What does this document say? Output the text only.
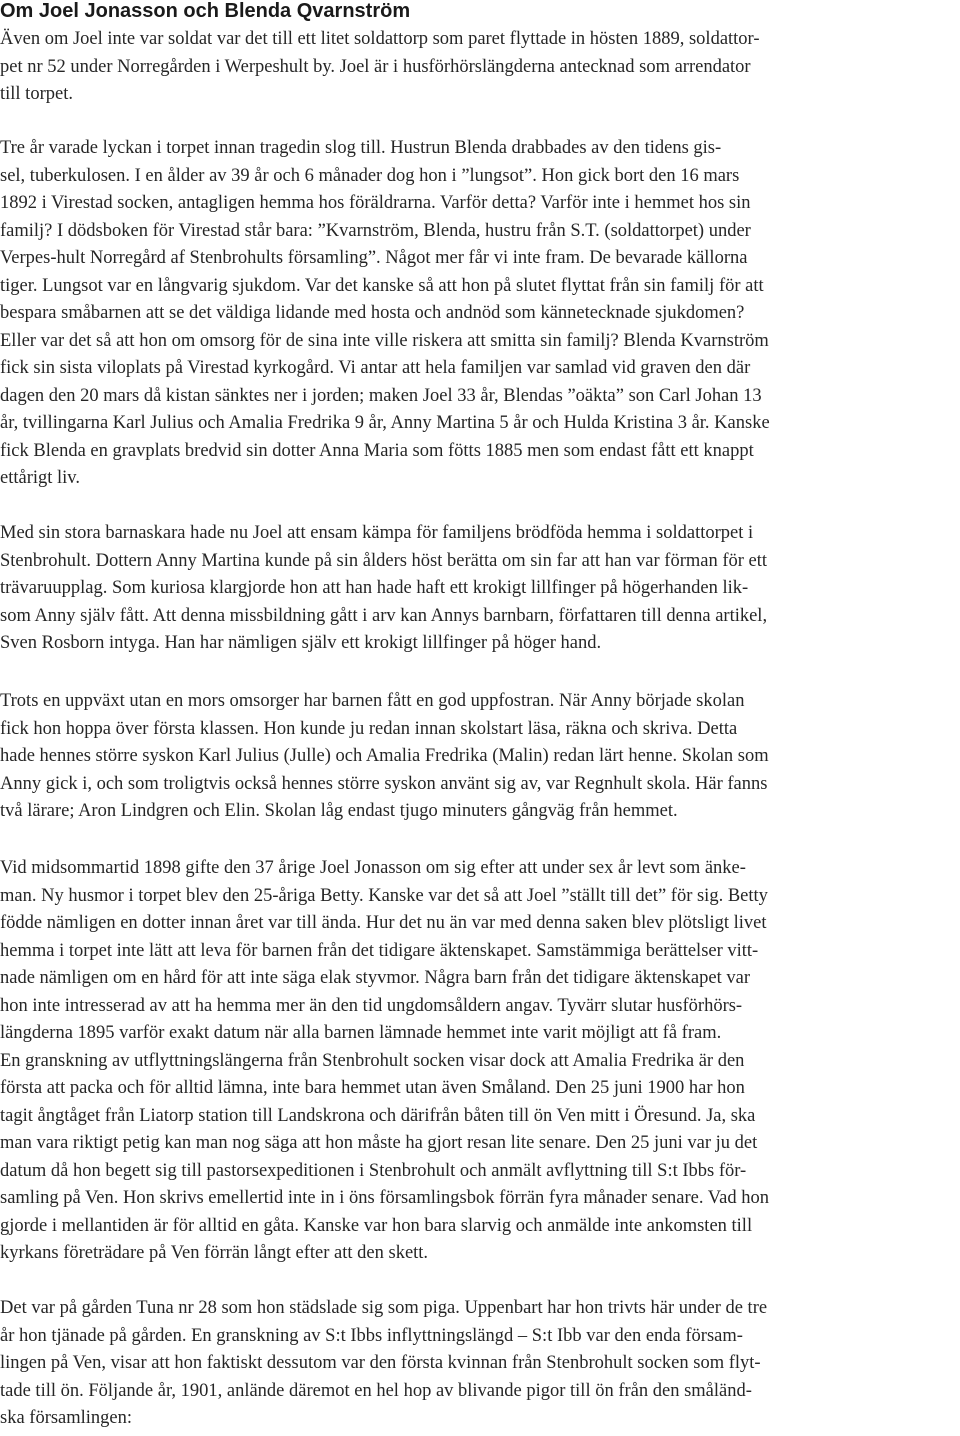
Om Joel Jonasson och Blenda Qvarnström
Även om Joel inte var soldat var det till ett litet soldattorp som paret flyttade in hösten 1889, soldattor-
pet nr 52 under Norregården i Werpeshult by. Joel är i husförhörslängderna antecknad som arrendator
till torpet.
Tre år varade lyckan i torpet innan tragedin slog till. Hustrun Blenda drabbades av den tidens gis-
sel, tuberkulosen. I en ålder av 39 år och 6 månader dog hon i ”lungsot”. Hon gick bort den 16 mars
1892 i Virestad socken, antagligen hemma hos föräldrarna. Varför detta? Varför inte i hemmet hos sin
familj? I dödsboken för Virestad står bara: ”Kvarnström, Blenda, hustru från S.T. (soldattorpet) under
Verpes-hult Norregård af Stenbrohults församling”. Något mer får vi inte fram. De bevarade källorna
tiger. Lungsot var en långvarig sjukdom. Var det kanske så att hon på slutet flyttat från sin familj för att
bespara småbarnen att se det väldiga lidande med hosta och andnöd som kännetecknade sjukdomen?
Eller var det så att hon om omsorg för de sina inte ville riskera att smitta sin familj? Blenda Kvarnström
fick sin sista viloplats på Virestad kyrkogård. Vi antar att hela familjen var samlad vid graven den där
dagen den 20 mars då kistan sänktes ner i jorden; maken Joel 33 år, Blendas ”oäkta” son Carl Johan 13
år, tvillingarna Karl Julius och Amalia Fredrika 9 år, Anny Martina 5 år och Hulda Kristina 3 år. Kanske
fick Blenda en gravplats bredvid sin dotter Anna Maria som fötts 1885 men som endast fått ett knappt
ettårigt liv.
Med sin stora barnaskara hade nu Joel att ensam kämpa för familjens brödföda hemma i soldattorpet i
Stenbrohult. Dottern Anny Martina kunde på sin ålders höst berätta om sin far att han var förman för ett
trävaruupplag. Som kuriosa klargjorde hon att han hade haft ett krokigt lillfinger på högerhanden lik-
som Anny själv fått. Att denna missbildning gått i arv kan Annys barnbarn, författaren till denna artikel,
Sven Rosborn intyga. Han har nämligen själv ett krokigt lillfinger på höger hand.
Trots en uppväxt utan en mors omsorger har barnen fått en god uppfostran. När Anny började skolan
fick hon hoppa över första klassen. Hon kunde ju redan innan skolstart läsa, räkna och skriva. Detta
hade hennes större syskon Karl Julius (Julle) och Amalia Fredrika (Malin) redan lärt henne. Skolan som
Anny gick i, och som troligtvis också hennes större syskon använt sig av, var Regnhult skola. Här fanns
två lärare; Aron Lindgren och Elin. Skolan låg endast tjugo minuters gångväg från hemmet.
Vid midsommartid 1898 gifte den 37 årige Joel Jonasson om sig efter att under sex år levt som änke-
man. Ny husmor i torpet blev den 25-åriga Betty. Kanske var det så att Joel ”ställt till det” för sig. Betty
födde nämligen en dotter innan året var till ända. Hur det nu än var med denna saken blev plötsligt livet
hemma i torpet inte lätt att leva för barnen från det tidigare äktenskapet. Samstämmiga berättelser vitt-
nade nämligen om en hård för att inte säga elak styvmor. Några barn från det tidigare äktenskapet var
hon inte intresserad av att ha hemma mer än den tid ungdomsåldern angav. Tyvärr slutar husförhörs-
längderna 1895 varför exakt datum när alla barnen lämnade hemmet inte varit möjligt att få fram.
En granskning av utflyttningslängerna från Stenbrohult socken visar dock att Amalia Fredrika är den
första att packa och för alltid lämna, inte bara hemmet utan även Småland. Den 25 juni 1900 har hon
tagit ångtåget från Liatorp station till Landskrona och därifrån båten till ön Ven mitt i Öresund. Ja, ska
man vara riktigt petig kan man nog säga att hon måste ha gjort resan lite senare. Den 25 juni var ju det
datum då hon begett sig till pastorsexpeditionen i Stenbrohult och anmält avflyttning till S:t Ibbs för-
samling på Ven. Hon skrivs emellertid inte in i öns församlingsbok förrän fyra månader senare. Vad hon
gjorde i mellantiden är för alltid en gåta. Kanske var hon bara slarvig och anmälde inte ankomsten till
kyrkans företrädare på Ven förrän långt efter att den skett.
Det var på gården Tuna nr 28 som hon städslade sig som piga. Uppenbart har hon trivts här under de tre
år hon tjänade på gården. En granskning av S:t Ibbs inflyttningslängd – S:t Ibb var den enda försam-
lingen på Ven, visar att hon faktiskt dessutom var den första kvinnan från Stenbrohult socken som flyt-
tade till ön. Följande år, 1901, anlände däremot en hel hop av blivande pigor till ön från den småländ-
ska församlingen:
